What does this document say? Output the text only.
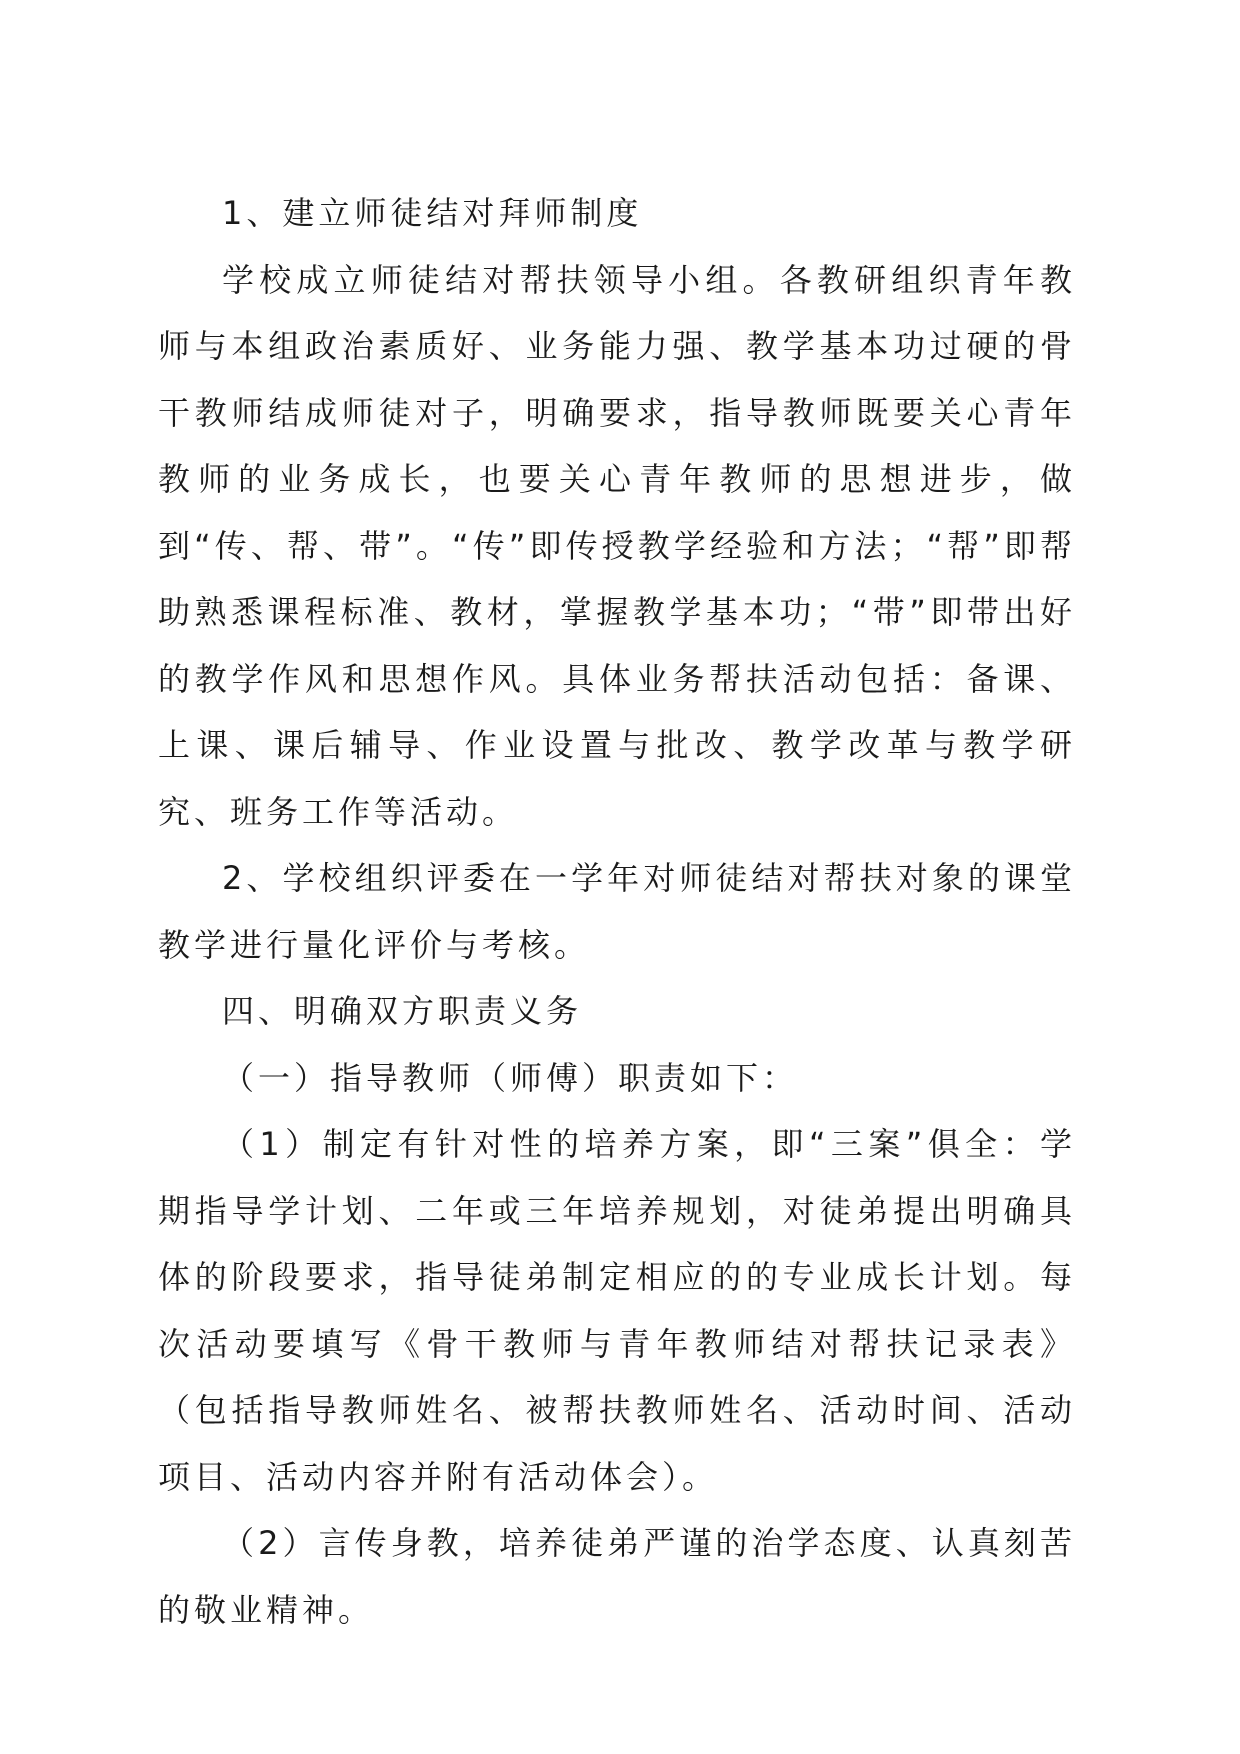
1、建立师徒结对拜师制度

学校成立师徒结对帮扶领导小组。各教研组织青年教师与本组政治素质好、业务能力强、教学基本功过硬的骨干教师结成师徒对子，明确要求，指导教师既要关心青年教师的业务成长，也要关心青年教师的思想进步，做到“传、帮、带”。“传”即传授教学经验和方法；“帮”即帮助熟悉课程标准、教材，掌握教学基本功；“带”即带出好的教学作风和思想作风。具体业务帮扶活动包括：备课、上课、课后辅导、作业设置与批改、教学改革与教学研究、班务工作等活动。

2、学校组织评委在一学年对师徒结对帮扶对象的课堂教学进行量化评价与考核。

四、明确双方职责义务

（一）指导教师（师傅）职责如下：

（1）制定有针对性的培养方案，即“三案”俱全：学期指导学计划、二年或三年培养规划，对徒弟提出明确具体的阶段要求，指导徒弟制定相应的的专业成长计划。每次活动要填写《骨干教师与青年教师结对帮扶记录表》（包括指导教师姓名、被帮扶教师姓名、活动时间、活动项目、活动内容并附有活动体会）。

（2）言传身教，培养徒弟严谨的治学态度、认真刻苦的敬业精神。
